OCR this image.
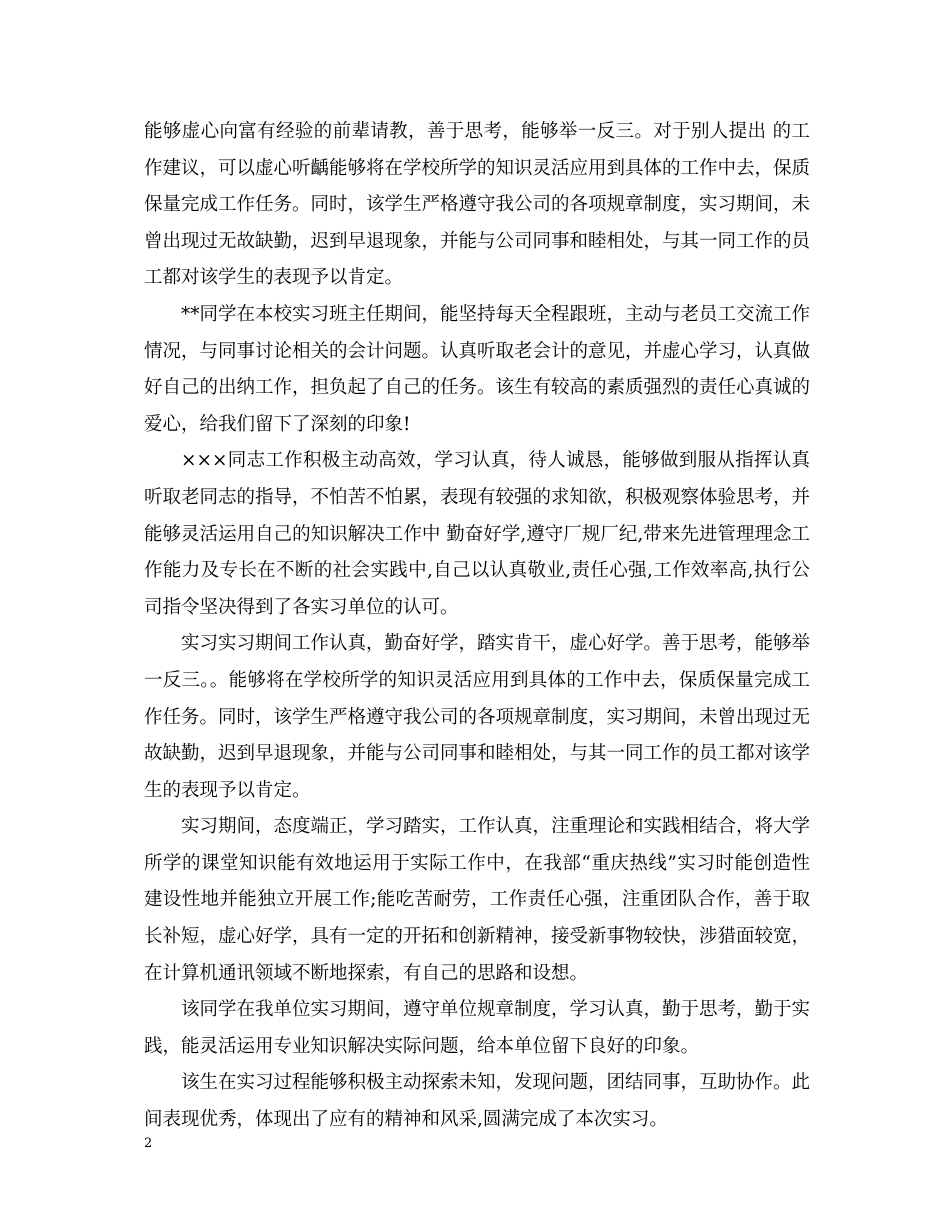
能够虚心向富有经验的前辈请教，善于思考，能够举一反三。对于别人提出 的工作建议，可以虚心听齲能够将在学校所学的知识灵活应用到具体的工作中去，保质保量完成工作任务。同时，该学生严格遵守我公司的各项规章制度，实习期间，未曾出现过无故缺勤，迟到早退现象，并能与公司同事和睦相处，与其一同工作的员工都对该学生的表现予以肯定。

**同学在本校实习班主任期间，能坚持每天全程跟班，主动与老员工交流工作情况，与同事讨论相关的会计问题。认真听取老会计的意见，并虚心学习，认真做好自己的出纳工作，担负起了自己的任务。该生有较高的素质强烈的责任心真诚的爱心，给我们留下了深刻的印象!

×××同志工作积极主动高效，学习认真，待人诚恳，能够做到服从指挥认真听取老同志的指导，不怕苦不怕累，表现有较强的求知欲，积极观察体验思考，并能够灵活运用自己的知识解决工作中 勤奋好学,遵守厂规厂纪,带来先进管理理念工作能力及专长在不断的社会实践中,自己以认真敬业,责任心强,工作效率高,执行公司指令坚决得到了各实习单位的认可。

实习实习期间工作认真，勤奋好学，踏实肯干，虚心好学。善于思考，能够举一反三。。能够将在学校所学的知识灵活应用到具体的工作中去，保质保量完成工作任务。同时，该学生严格遵守我公司的各项规章制度，实习期间，未曾出现过无故缺勤，迟到早退现象，并能与公司同事和睦相处，与其一同工作的员工都对该学生的表现予以肯定。

实习期间，态度端正，学习踏实，工作认真，注重理论和实践相结合，将大学所学的课堂知识能有效地运用于实际工作中，在我部“重庆热线”实习时能创造性建设性地并能独立开展工作;能吃苦耐劳，工作责任心强，注重团队合作，善于取长补短，虚心好学，具有一定的开拓和创新精神，接受新事物较快，涉猎面较宽，在计算机通讯领域不断地探索，有自己的思路和设想。

该同学在我单位实习期间，遵守单位规章制度，学习认真，勤于思考，勤于实践，能灵活运用专业知识解决实际问题，给本单位留下良好的印象。

该生在实习过程能够积极主动探索未知，发现问题，团结同事，互助协作。此间表现优秀，体现出了应有的精神和风采,圆满完成了本次实习。

2
